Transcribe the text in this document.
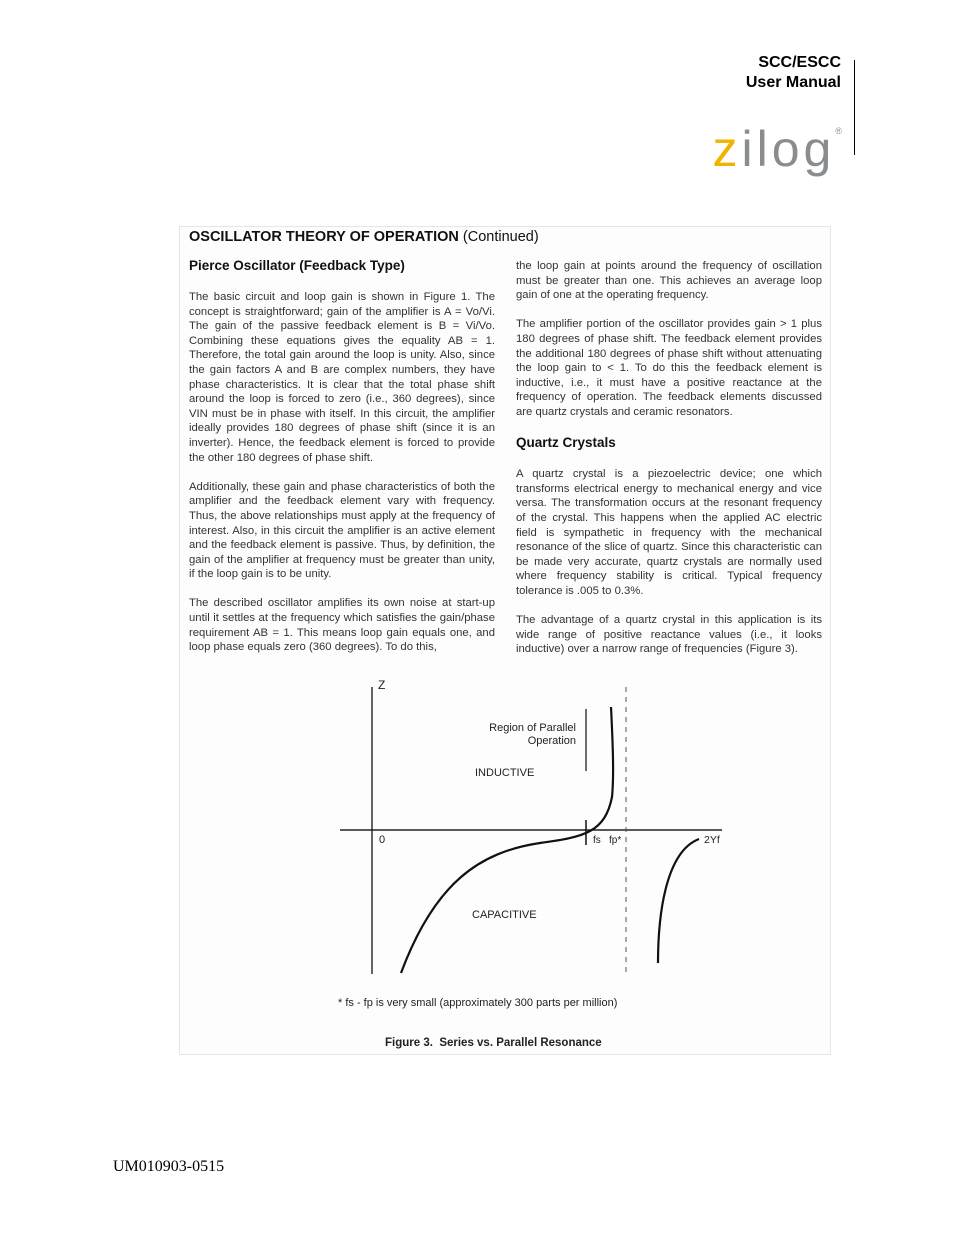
SCC/ESCC
User Manual
zilog®
OSCILLATOR THEORY OF OPERATION (Continued)
Pierce Oscillator (Feedback Type)

The basic circuit and loop gain is shown in Figure 1. The concept is straightforward; gain of the amplifier is A = Vo/Vi. The gain of the passive feedback element is B = Vi/Vo. Combining these equations gives the equality AB = 1. Therefore, the total gain around the loop is unity. Also, since the gain factors A and B are complex numbers, they have phase characteristics. It is clear that the total phase shift around the loop is forced to zero (i.e., 360 degrees), since VIN must be in phase with itself. In this circuit, the amplifier ideally provides 180 degrees of phase shift (since it is an inverter). Hence, the feedback element is forced to provide the other 180 degrees of phase shift.

Additionally, these gain and phase characteristics of both the amplifier and the feedback element vary with frequency. Thus, the above relationships must apply at the frequency of interest. Also, in this circuit the amplifier is an active element and the feedback element is passive. Thus, by definition, the gain of the amplifier at frequency must be greater than unity, if the loop gain is to be unity.

The described oscillator amplifies its own noise at start-up until it settles at the frequency which satisfies the gain/phase requirement AB = 1. This means loop gain equals one, and loop phase equals zero (360 degrees). To do this,

the loop gain at points around the frequency of oscillation must be greater than one. This achieves an average loop gain of one at the operating frequency.

The amplifier portion of the oscillator provides gain > 1 plus 180 degrees of phase shift. The feedback element provides the additional 180 degrees of phase shift without attenuating the loop gain to < 1. To do this the feedback element is inductive, i.e., it must have a positive reactance at the frequency of operation. The feedback elements discussed are quartz crystals and ceramic resonators.

Quartz Crystals

A quartz crystal is a piezoelectric device; one which transforms electrical energy to mechanical energy and vice versa. The transformation occurs at the resonant frequency of the crystal. This happens when the applied AC electric field is sympathetic in frequency with the mechanical resonance of the slice of quartz. Since this characteristic can be made very accurate, quartz crystals are normally used where frequency stability is critical. Typical frequency tolerance is .005 to 0.3%.

The advantage of a quartz crystal in this application is its wide range of positive reactance values (i.e., it looks inductive) over a narrow range of frequencies (Figure 3).

Z
0
Region of Parallel
Operation
INDUCTIVE
CAPACITIVE
fs fp*	2Yf
* fs - fp is very small (approximately 300 parts per million)
Figure 3.  Series vs. Parallel Resonance
UM010903-0515
